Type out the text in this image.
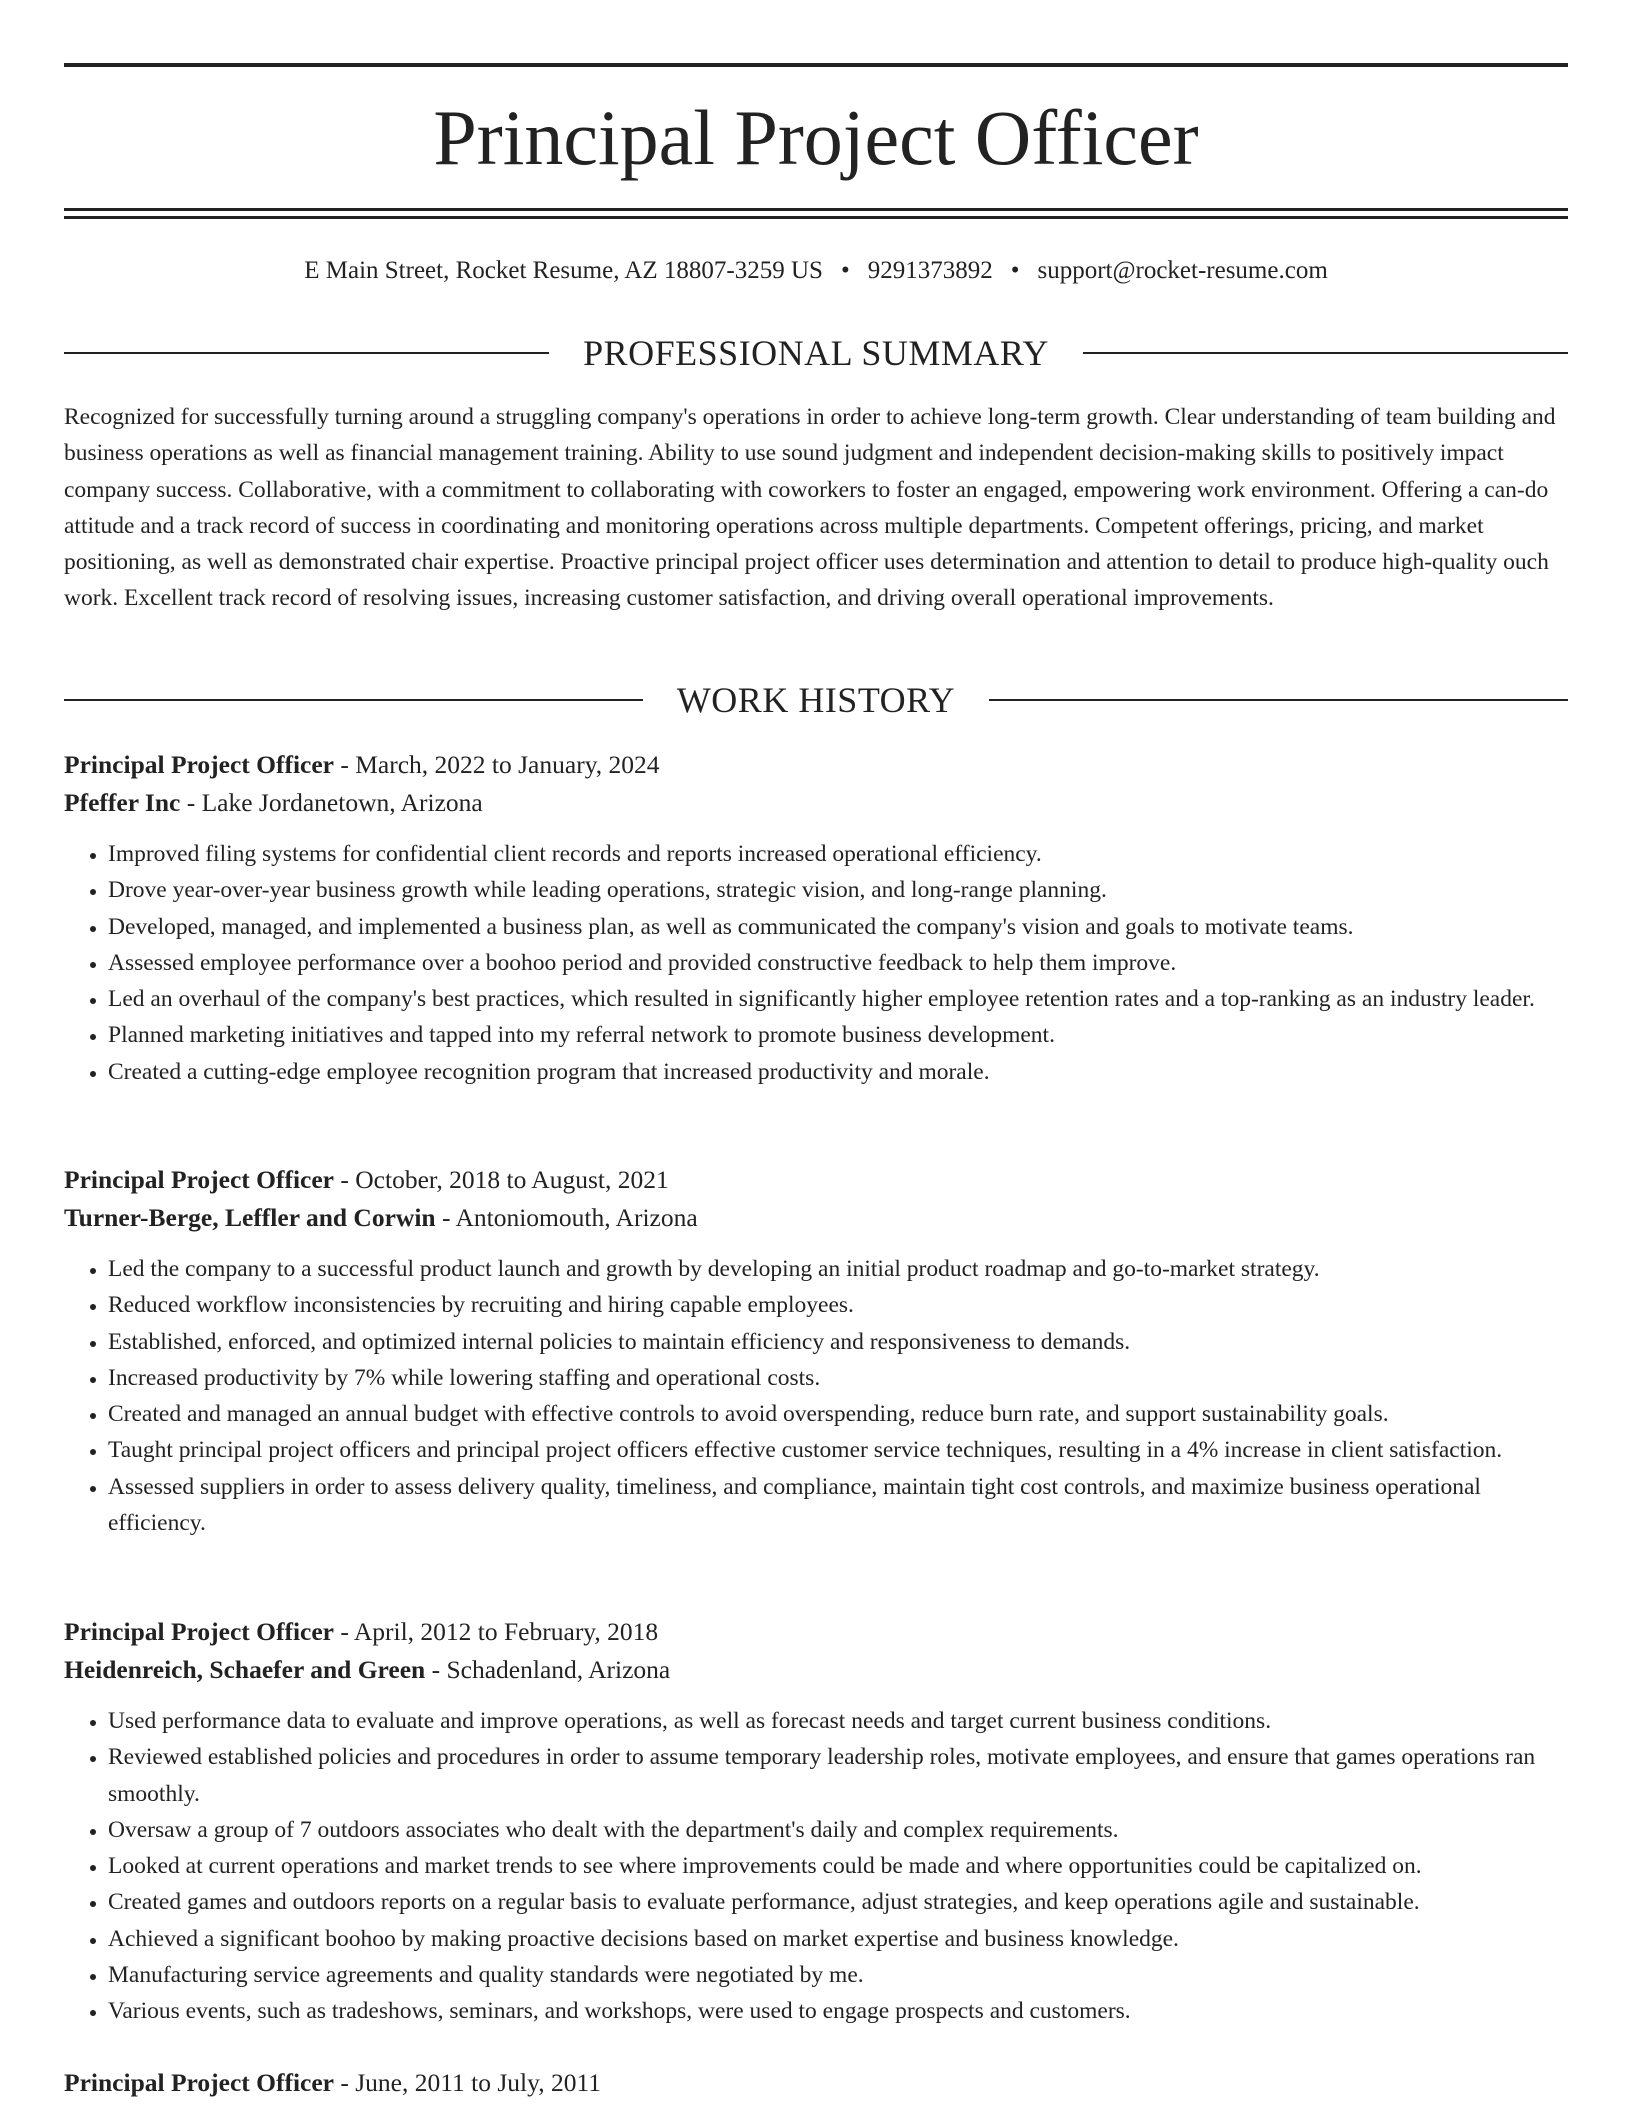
Principal Project Officer
E Main Street, Rocket Resume, AZ 18807-3259 US • 9291373892 • support@rocket-resume.com
PROFESSIONAL SUMMARY

Recognized for successfully turning around a struggling company's operations in order to achieve long-term growth. Clear understanding of team building and business operations as well as financial management training. Ability to use sound judgment and independent decision-making skills to positively impact company success. Collaborative, with a commitment to collaborating with coworkers to foster an engaged, empowering work environment. Offering a can-do attitude and a track record of success in coordinating and monitoring operations across multiple departments. Competent offerings, pricing, and market positioning, as well as demonstrated chair expertise. Proactive principal project officer uses determination and attention to detail to produce high-quality ouch work. Excellent track record of resolving issues, increasing customer satisfaction, and driving overall operational improvements.

WORK HISTORY
Principal Project Officer - March, 2022 to January, 2024
Pfeffer Inc - Lake Jordanetown, Arizona
• Improved filing systems for confidential client records and reports increased operational efficiency.
• Drove year-over-year business growth while leading operations, strategic vision, and long-range planning.
• Developed, managed, and implemented a business plan, as well as communicated the company's vision and goals to motivate teams.
• Assessed employee performance over a boohoo period and provided constructive feedback to help them improve.
• Led an overhaul of the company's best practices, which resulted in significantly higher employee retention rates and a top-ranking as an industry leader.
• Planned marketing initiatives and tapped into my referral network to promote business development.
• Created a cutting-edge employee recognition program that increased productivity and morale.
Principal Project Officer - October, 2018 to August, 2021
Turner-Berge, Leffler and Corwin - Antoniomouth, Arizona
• Led the company to a successful product launch and growth by developing an initial product roadmap and go-to-market strategy.
• Reduced workflow inconsistencies by recruiting and hiring capable employees.
• Established, enforced, and optimized internal policies to maintain efficiency and responsiveness to demands.
• Increased productivity by 7% while lowering staffing and operational costs.
• Created and managed an annual budget with effective controls to avoid overspending, reduce burn rate, and support sustainability goals.
• Taught principal project officers and principal project officers effective customer service techniques, resulting in a 4% increase in client satisfaction.
• Assessed suppliers in order to assess delivery quality, timeliness, and compliance, maintain tight cost controls, and maximize business operational efficiency.
Principal Project Officer - April, 2012 to February, 2018
Heidenreich, Schaefer and Green - Schadenland, Arizona
• Used performance data to evaluate and improve operations, as well as forecast needs and target current business conditions.
• Reviewed established policies and procedures in order to assume temporary leadership roles, motivate employees, and ensure that games operations ran smoothly.
• Oversaw a group of 7 outdoors associates who dealt with the department's daily and complex requirements.
• Looked at current operations and market trends to see where improvements could be made and where opportunities could be capitalized on.
• Created games and outdoors reports on a regular basis to evaluate performance, adjust strategies, and keep operations agile and sustainable.
• Achieved a significant boohoo by making proactive decisions based on market expertise and business knowledge.
• Manufacturing service agreements and quality standards were negotiated by me.
• Various events, such as tradeshows, seminars, and workshops, were used to engage prospects and customers.
Principal Project Officer - June, 2011 to July, 2011
